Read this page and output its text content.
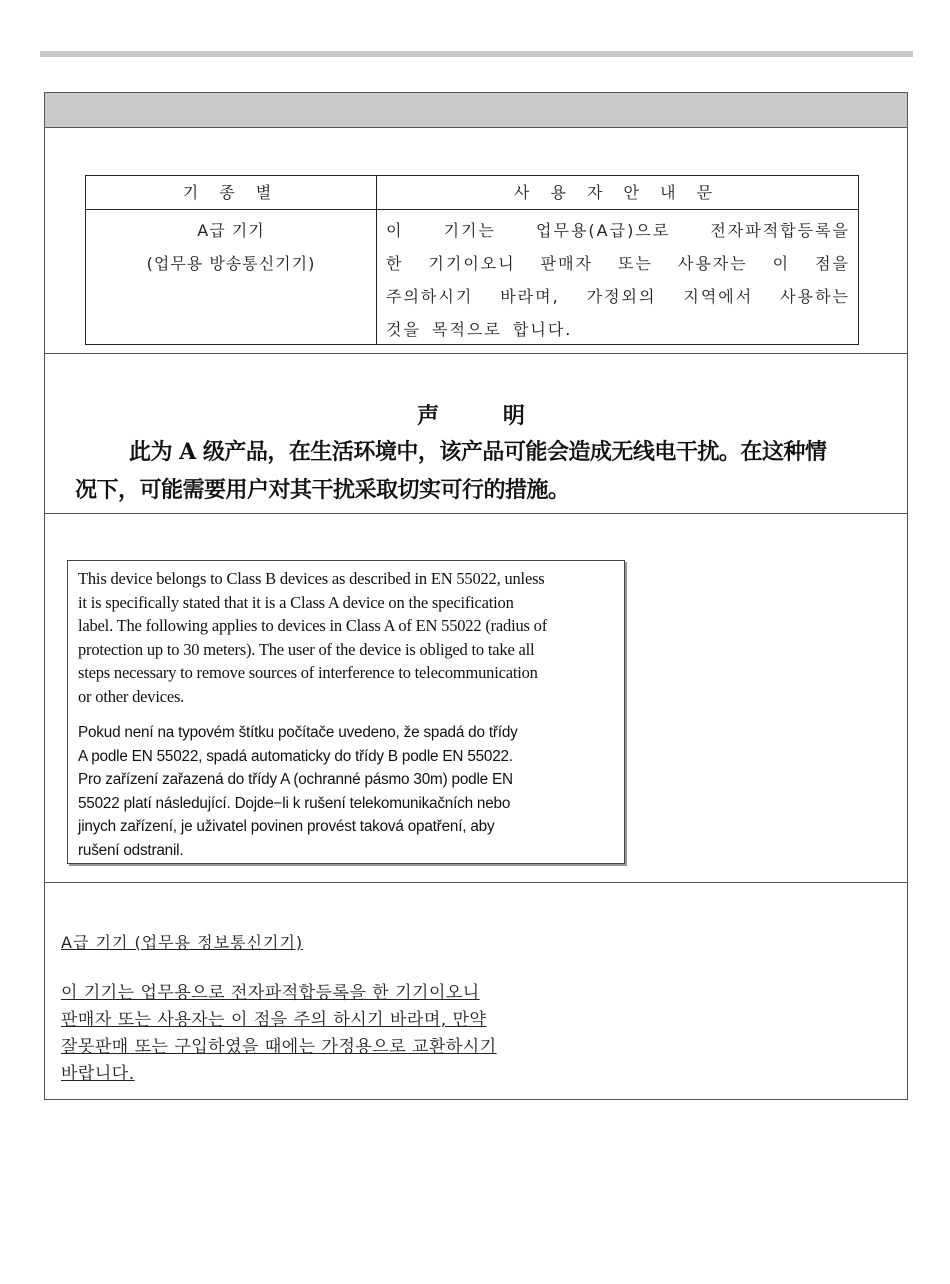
기 종 별	사 용 자 안 내 문
A급 기기
(업무용 방송통신기기)
이 기기는 업무용(A급)으로 전자파적합등록을
한 기기이오니 판매자 또는 사용자는 이 점을
주의하시기 바라며, 가정외의 지역에서 사용하는
것을 목적으로 합니다.
声 明
此为 A 级产品，在生活环境中，该产品可能会造成无线电干扰。在这种情
况下，可能需要用户对其干扰采取切实可行的措施。
This device belongs to Class B devices as described in EN 55022, unless
it is specifically stated that it is a Class A device on the specification
label. The following applies to devices in Class A of EN 55022 (radius of
protection up to 30 meters). The user of the device is obliged to take all
steps necessary to remove sources of interference to telecommunication
or other devices.
Pokud není na typovém štítku počítače uvedeno, že spadá do třídy
A podle EN 55022, spadá automaticky do třídy B podle EN 55022.
Pro zařízení zařazená do třídy A (ochranné pásmo 30m) podle EN
55022 platí následující. Dojde−li k rušení telekomunikačních nebo
jinych zařízení, je uživatel povinen provést taková opatření, aby
rušení odstranil.
A급 기기 (업무용 정보통신기기)
이 기기는 업무용으로 전자파적합등록을 한 기기이오니
판매자 또는 사용자는 이 점을 주의 하시기 바라며, 만약
잘못판매 또는 구입하였을 때에는 가정용으로 교환하시기
바랍니다.
